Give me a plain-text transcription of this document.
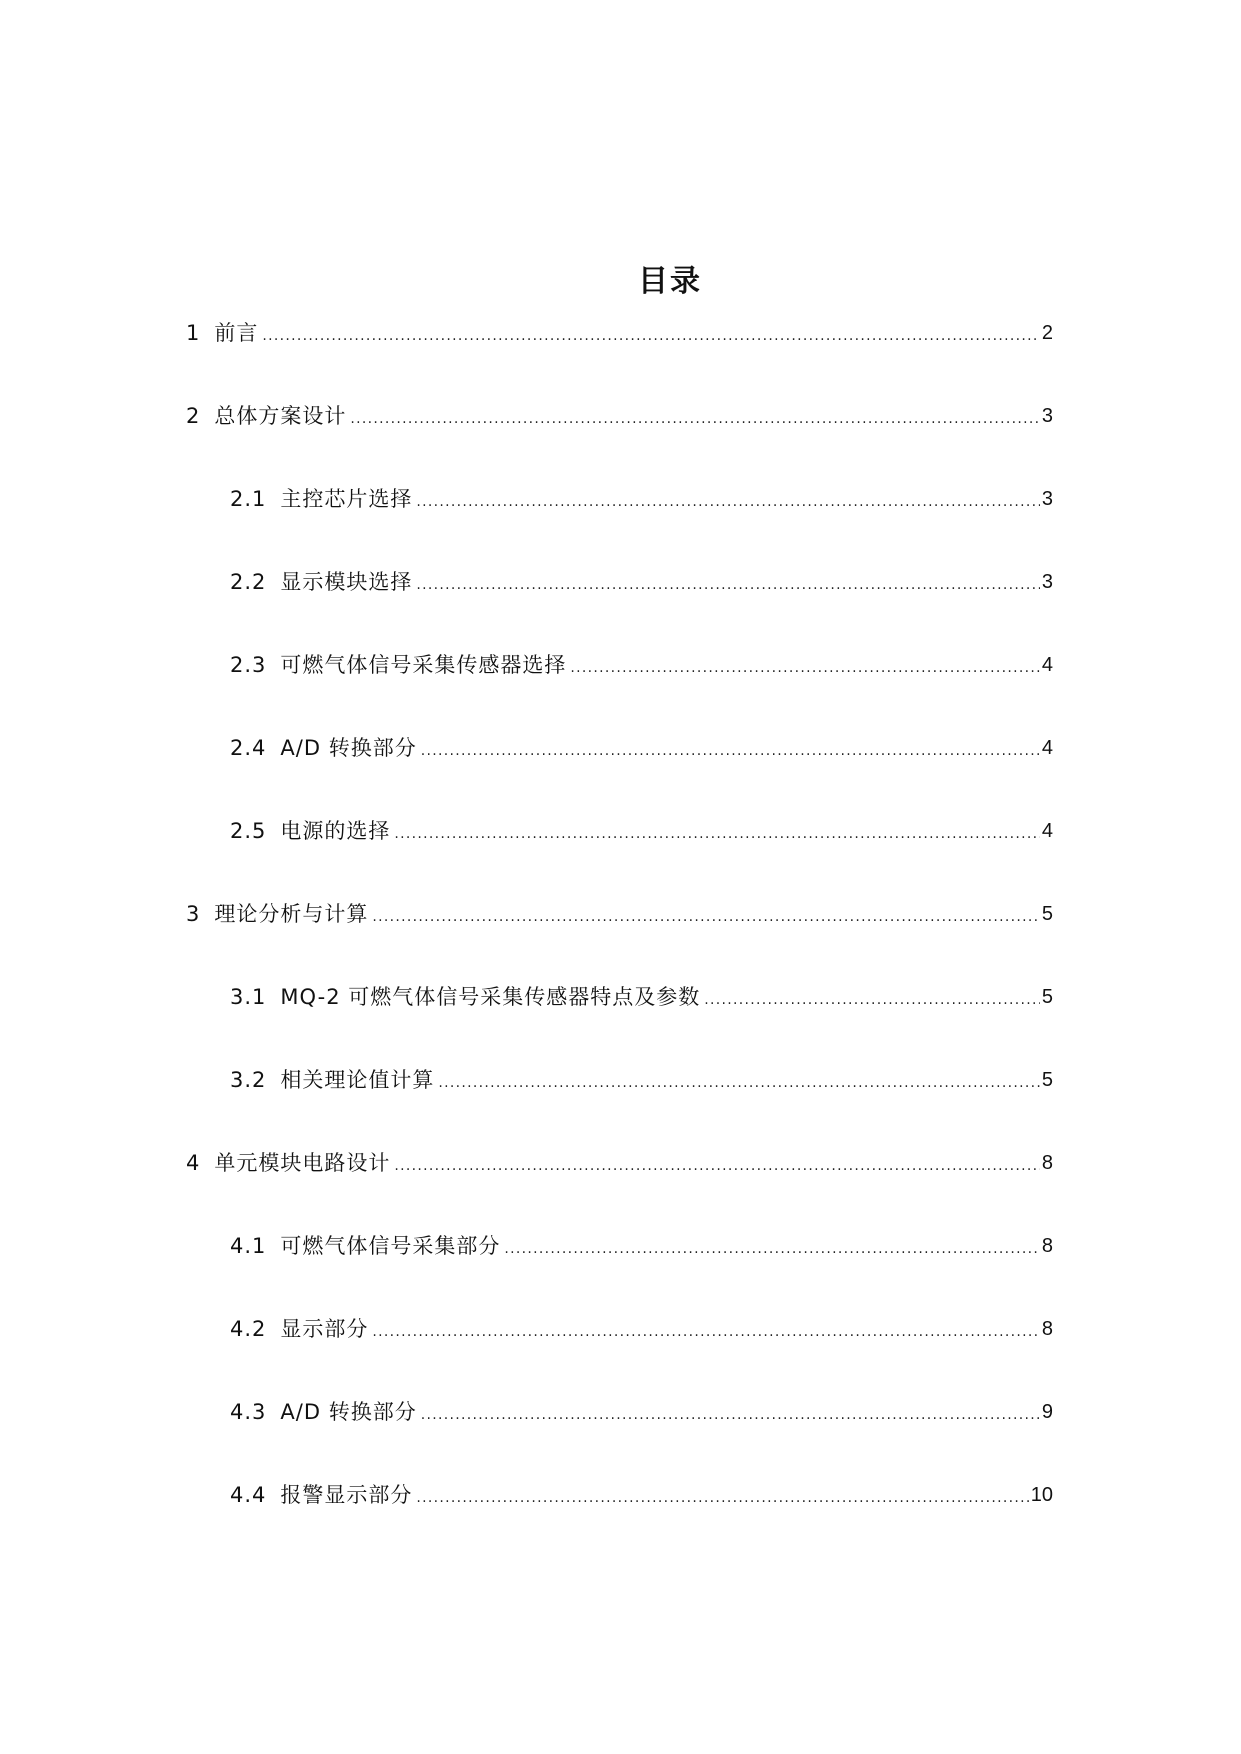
目录
1 前言 .....	2
2 总体方案设计 .....	3
2.1 主控芯片选择 .....	3
2.2 显示模块选择 .....	3
2.3 可燃气体信号采集传感器选择 .....	4
2.4 A/D 转换部分 .....	4
2.5 电源的选择 .....	4
3 理论分析与计算 .....	5
3.1 MQ-2 可燃气体信号采集传感器特点及参数 .....	5
3.2 相关理论值计算 .....	5
4 单元模块电路设计 .....	8
4.1 可燃气体信号采集部分 .....	8
4.2 显示部分 .....	8
4.3 A/D 转换部分 .....	9
4.4 报警显示部分 .....	10
